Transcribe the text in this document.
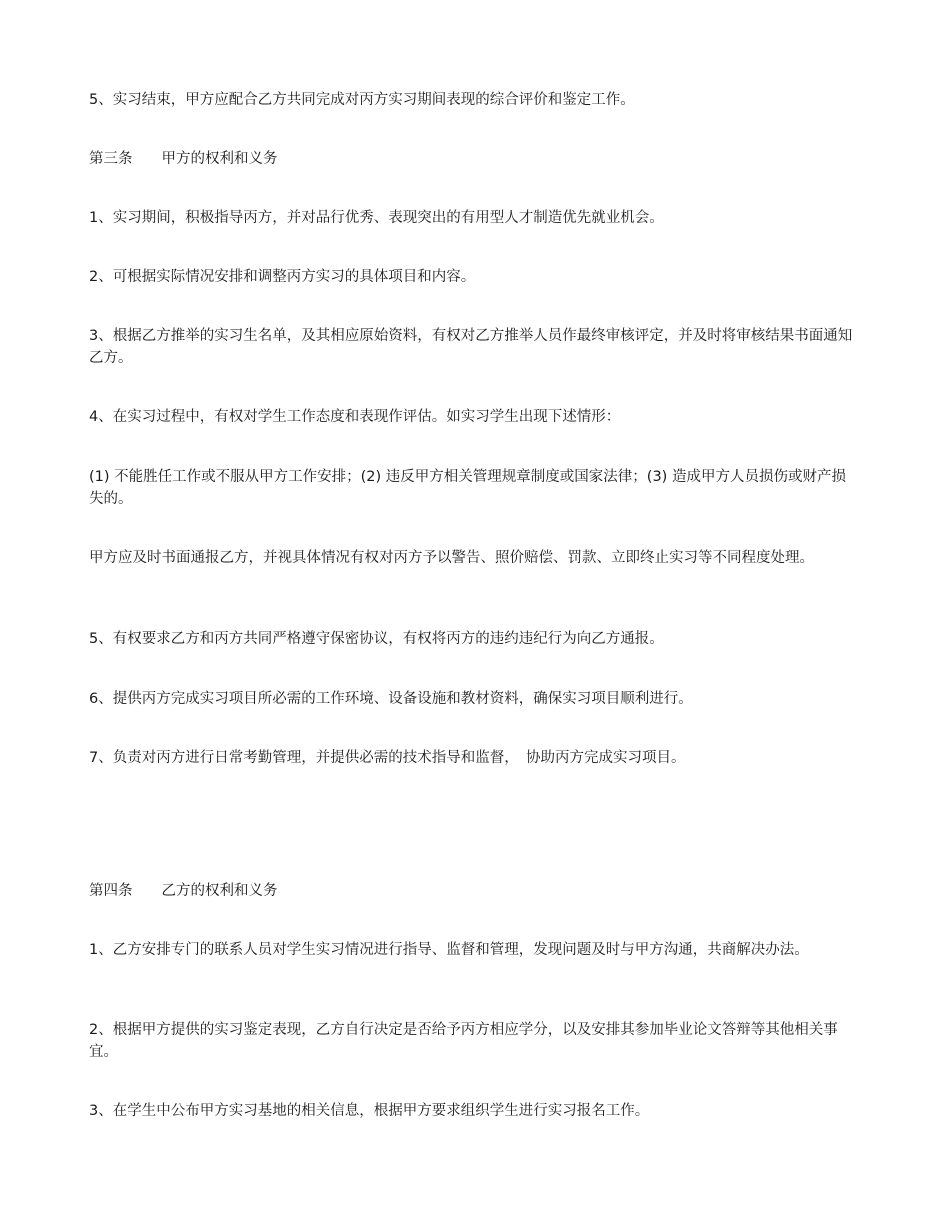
5、实习结束，甲方应配合乙方共同完成对丙方实习期间表现的综合评价和鉴定工作。

第三条　　甲方的权利和义务

1、实习期间，积极指导丙方，并对品行优秀、表现突出的有用型人才制造优先就业机会。

2、可根据实际情况安排和调整丙方实习的具体项目和内容。

3、根据乙方推举的实习生名单，及其相应原始资料，有权对乙方推举人员作最终审核评定，并及时将审核结果书面通知乙方。

4、在实习过程中，有权对学生工作态度和表现作评估。如实习学生出现下述情形：

(1) 不能胜任工作或不服从甲方工作安排；(2) 违反甲方相关管理规章制度或国家法律；(3) 造成甲方人员损伤或财产损失的。

甲方应及时书面通报乙方，并视具体情况有权对丙方予以警告、照价赔偿、罚款、立即终止实习等不同程度处理。

5、有权要求乙方和丙方共同严格遵守保密协议，有权将丙方的违约违纪行为向乙方通报。

6、提供丙方完成实习项目所必需的工作环境、设备设施和教材资料，确保实习项目顺利进行。

7、负责对丙方进行日常考勤管理，并提供必需的技术指导和监督，　协助丙方完成实习项目。

第四条　　乙方的权利和义务

1、乙方安排专门的联系人员对学生实习情况进行指导、监督和管理，发现问题及时与甲方沟通，共商解决办法。

2、根据甲方提供的实习鉴定表现，乙方自行决定是否给予丙方相应学分，以及安排其参加毕业论文答辩等其他相关事宜。

3、在学生中公布甲方实习基地的相关信息，根据甲方要求组织学生进行实习报名工作。
